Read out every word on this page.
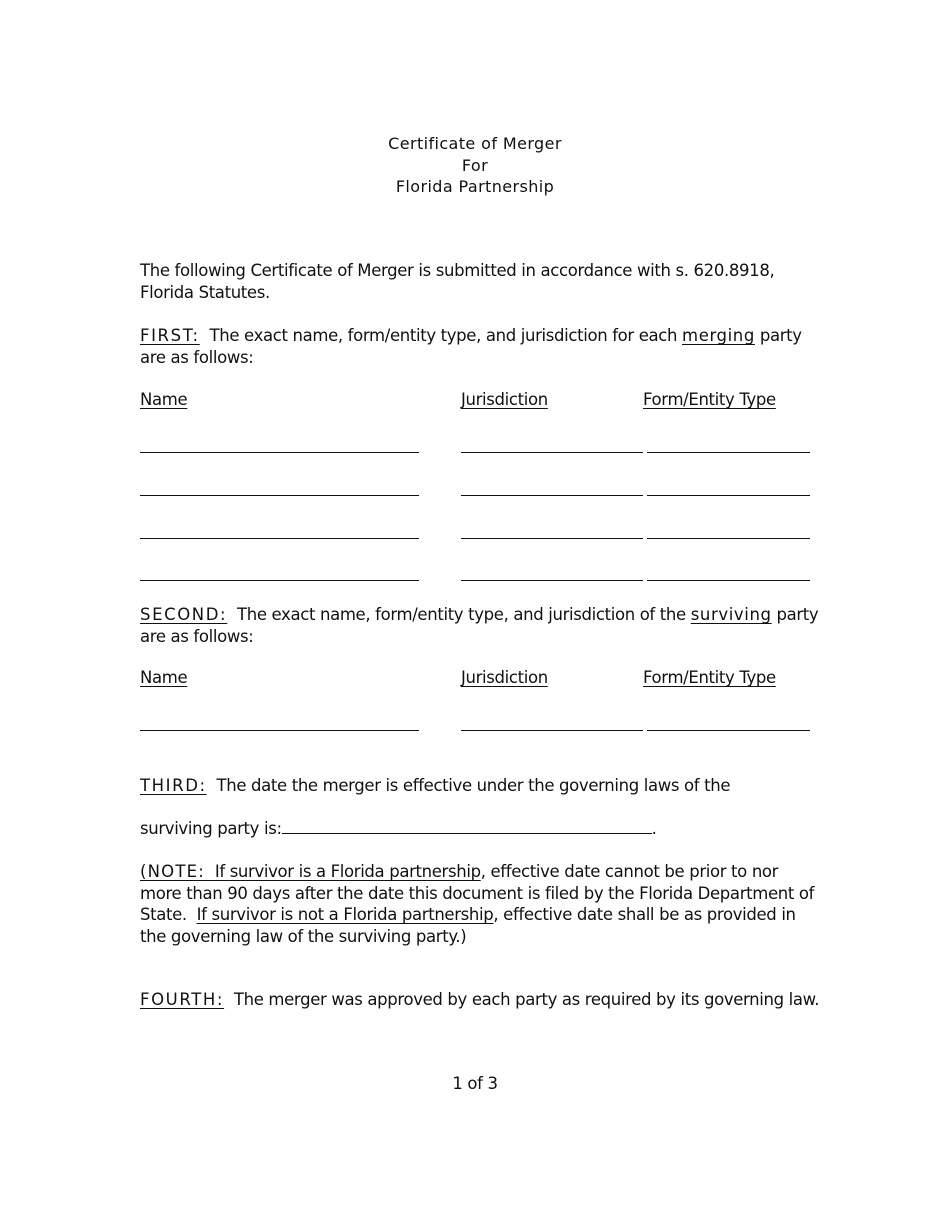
Certificate of Merger
For
Florida Partnership
The following Certificate of Merger is submitted in accordance with s. 620.8918, Florida Statutes.
FIRST:  The exact name, form/entity type, and jurisdiction for each merging party are as follows:
Name	Jurisdiction	Form/Entity Type
SECOND:  The exact name, form/entity type, and jurisdiction of the surviving party are as follows:
Name	Jurisdiction	Form/Entity Type
THIRD:  The date the merger is effective under the governing laws of the
surviving party is:	.
(NOTE:  If survivor is a Florida partnership, effective date cannot be prior to nor more than 90 days after the date this document is filed by the Florida Department of State.  If survivor is not a Florida partnership, effective date shall be as provided in the governing law of the surviving party.)
FOURTH:  The merger was approved by each party as required by its governing law.
1 of 3
